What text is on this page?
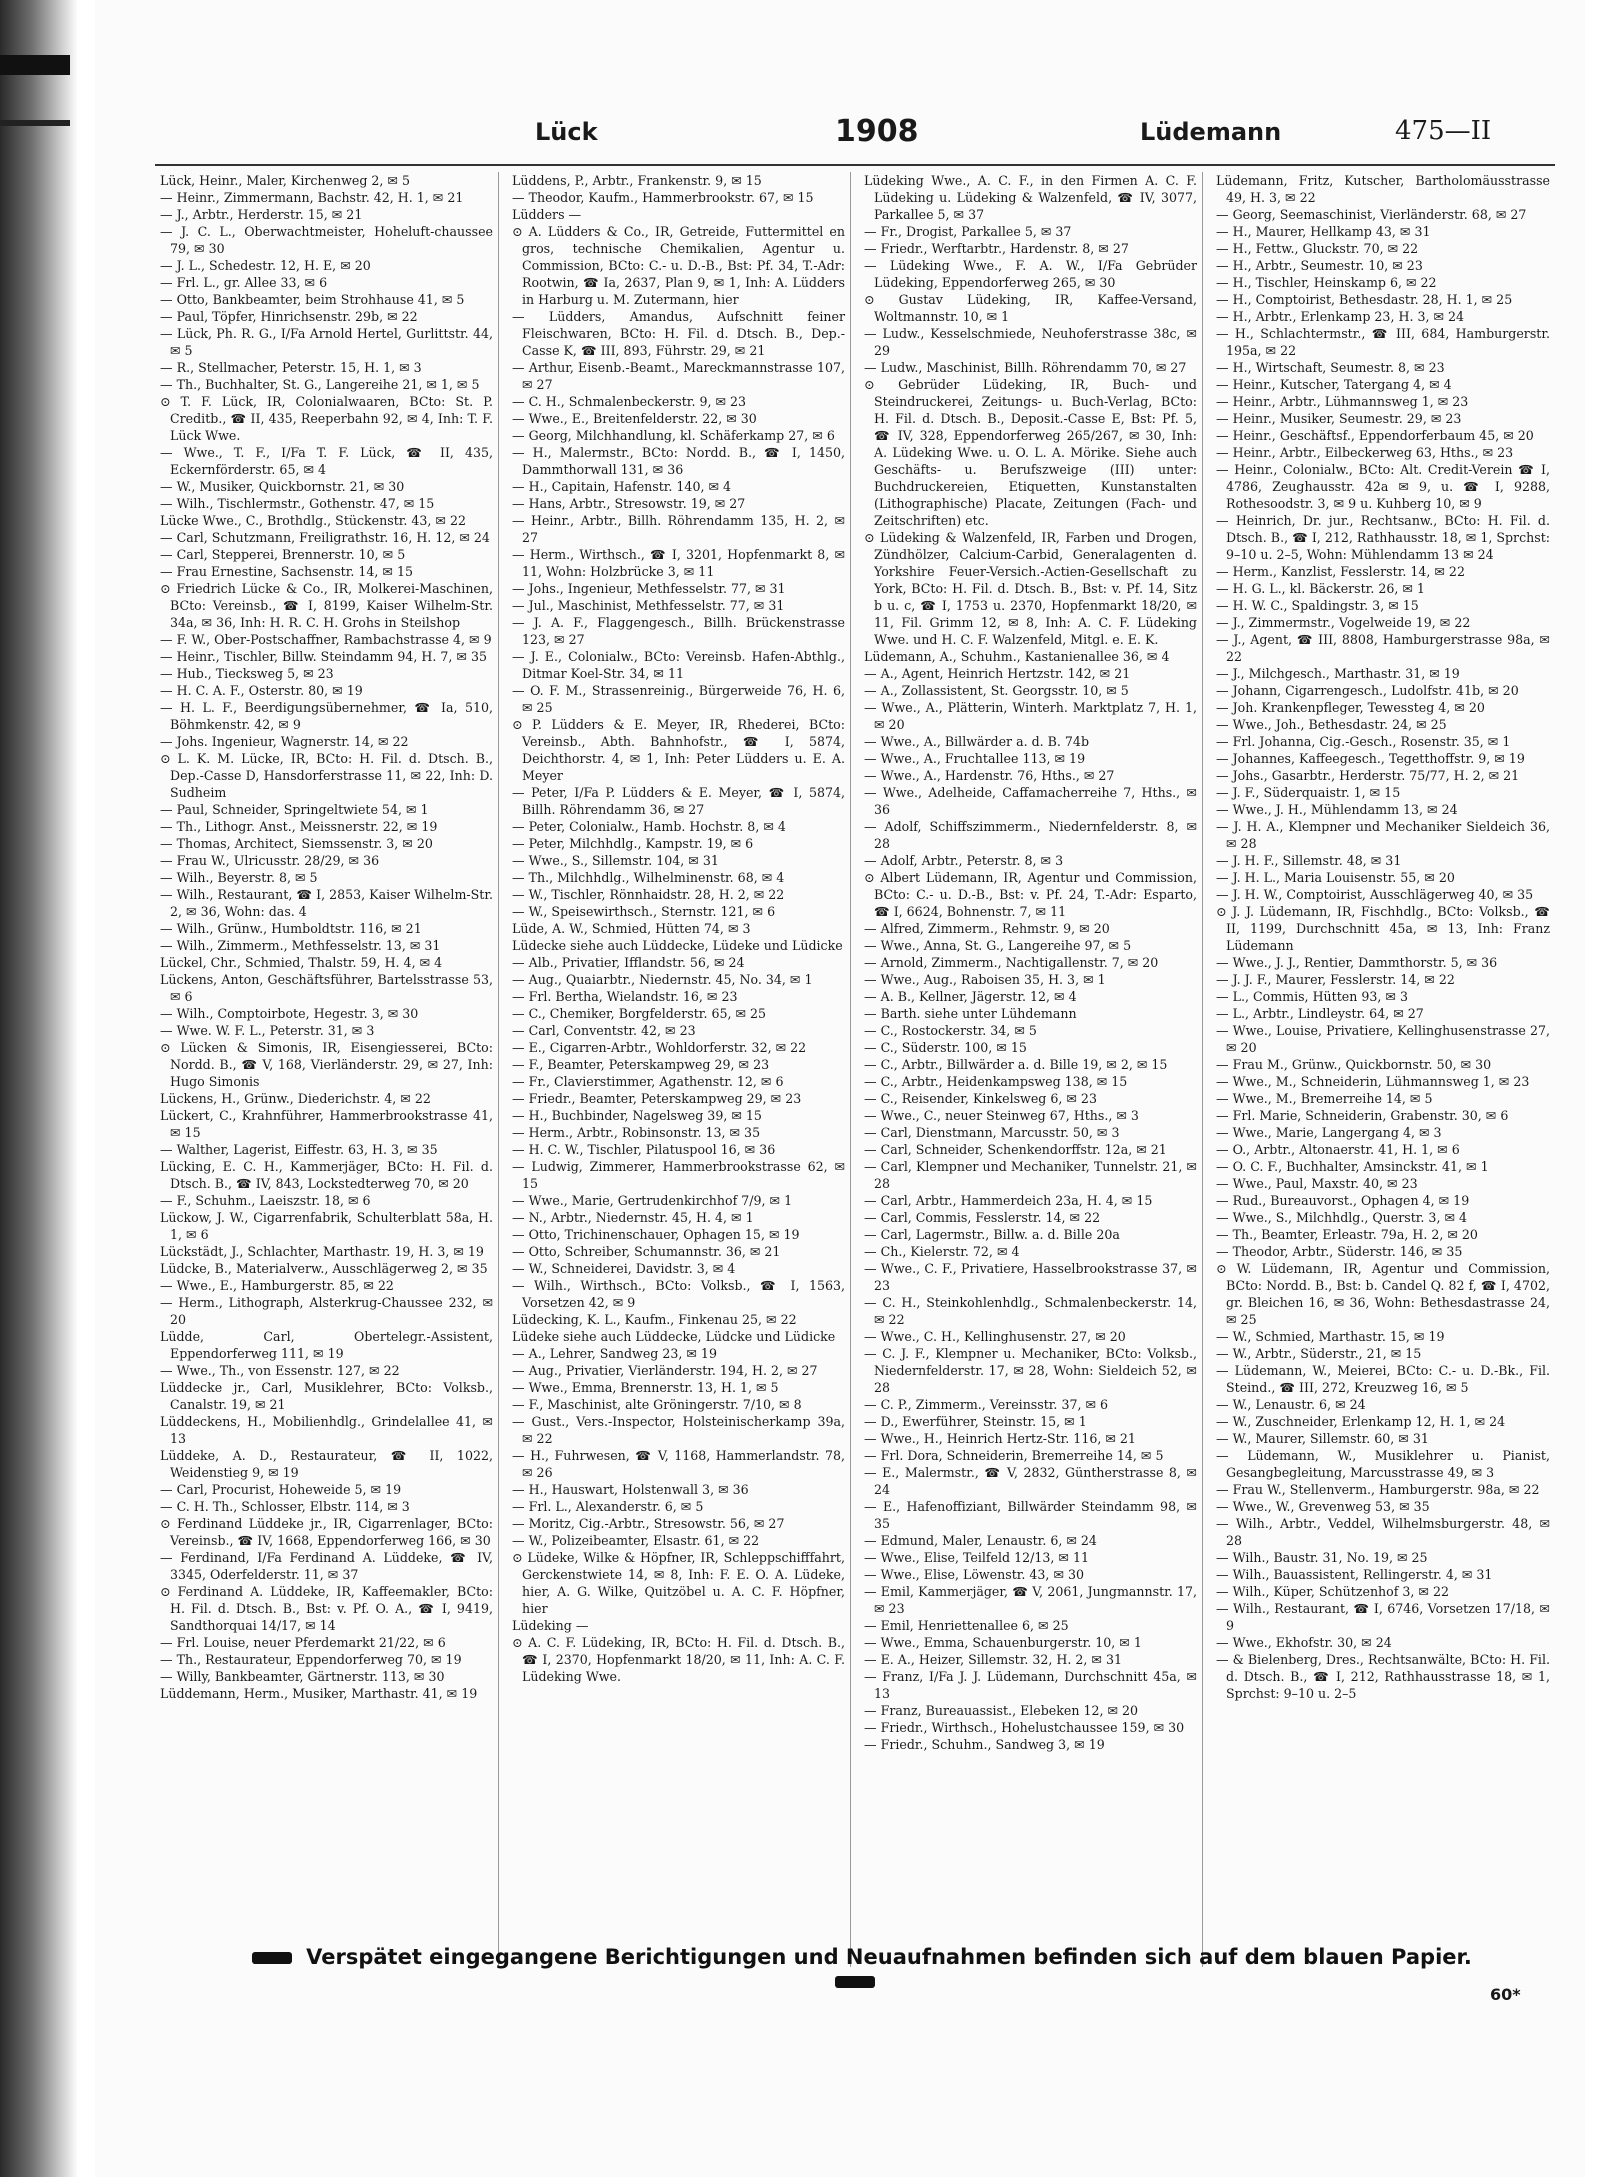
Lück	1908	Lüdemann	475—II

Lück, Heinr., Maler, Kirchenweg 2, ✉ 5

— Heinr., Zimmermann, Bachstr. 42, H. 1, ✉ 21

— J., Arbtr., Herderstr. 15, ✉ 21

— J. C. L., Oberwachtmeister, Hoheluft-chaussee 79, ✉ 30

— J. L., Schedestr. 12, H. E, ✉ 20

— Frl. L., gr. Allee 33, ✉ 6

— Otto, Bankbeamter, beim Strohhause 41, ✉ 5

— Paul, Töpfer, Hinrichsenstr. 29b, ✉ 22

— Lück, Ph. R. G., I/Fa Arnold Hertel, Gurlittstr. 44, ✉ 5

— R., Stellmacher, Peterstr. 15, H. 1, ✉ 3

— Th., Buchhalter, St. G., Langereihe 21, ✉ 1, ✉ 5

⊙ T. F. Lück, IR, Colonialwaaren, BCto: St. P. Creditb., ☎ II, 435, Reeperbahn 92, ✉ 4, Inh: T. F. Lück Wwe.

— Wwe., T. F., I/Fa T. F. Lück, ☎ II, 435, Eckernförderstr. 65, ✉ 4

— W., Musiker, Quickbornstr. 21, ✉ 30

— Wilh., Tischlermstr., Gothenstr. 47, ✉ 15

Lücke Wwe., C., Brothdlg., Stückenstr. 43, ✉ 22

— Carl, Schutzmann, Freiligrathstr. 16, H. 12, ✉ 24

— Carl, Stepperei, Brennerstr. 10, ✉ 5

— Frau Ernestine, Sachsenstr. 14, ✉ 15

⊙ Friedrich Lücke & Co., IR, Molkerei-Maschinen, BCto: Vereinsb., ☎ I, 8199, Kaiser Wilhelm-Str. 34a, ✉ 36, Inh: H. R. C. H. Grohs in Steilshop

— F. W., Ober-Postschaffner, Rambachstrasse 4, ✉ 9

— Heinr., Tischler, Billw. Steindamm 94, H. 7, ✉ 35

— Hub., Tiecksweg 5, ✉ 23

— H. C. A. F., Osterstr. 80, ✉ 19

— H. L. F., Beerdigungsübernehmer, ☎ Ia, 510, Böhmkenstr. 42, ✉ 9

— Johs. Ingenieur, Wagnerstr. 14, ✉ 22

⊙ L. K. M. Lücke, IR, BCto: H. Fil. d. Dtsch. B., Dep.-Casse D, Hansdorferstrasse 11, ✉ 22, Inh: D. Sudheim

— Paul, Schneider, Springeltwiete 54, ✉ 1

— Th., Lithogr. Anst., Meissnerstr. 22, ✉ 19

— Thomas, Architect, Siemssenstr. 3, ✉ 20

— Frau W., Ulricusstr. 28/29, ✉ 36

— Wilh., Beyerstr. 8, ✉ 5

— Wilh., Restaurant, ☎ I, 2853, Kaiser Wilhelm-Str. 2, ✉ 36, Wohn: das. 4

— Wilh., Grünw., Humboldtstr. 116, ✉ 21

— Wilh., Zimmerm., Methfesselstr. 13, ✉ 31

Lückel, Chr., Schmied, Thalstr. 59, H. 4, ✉ 4

Lückens, Anton, Geschäftsführer, Bartelsstrasse 53, ✉ 6

— Wilh., Comptoirbote, Hegestr. 3, ✉ 30

— Wwe. W. F. L., Peterstr. 31, ✉ 3

⊙ Lücken & Simonis, IR, Eisengiesserei, BCto: Nordd. B., ☎ V, 168, Vierländerstr. 29, ✉ 27, Inh: Hugo Simonis

Lückens, H., Grünw., Diederichstr. 4, ✉ 22

Lückert, C., Krahnführer, Hammerbrookstrasse 41, ✉ 15

— Walther, Lagerist, Eiffestr. 63, H. 3, ✉ 35

Lücking, E. C. H., Kammerjäger, BCto: H. Fil. d. Dtsch. B., ☎ IV, 843, Lockstedterweg 70, ✉ 20

— F., Schuhm., Laeiszstr. 18, ✉ 6

Lückow, J. W., Cigarrenfabrik, Schulterblatt 58a, H. 1, ✉ 6

Lückstädt, J., Schlachter, Marthastr. 19, H. 3, ✉ 19

Lüdcke, B., Materialverw., Ausschlägerweg 2, ✉ 35

— Wwe., E., Hamburgerstr. 85, ✉ 22

— Herm., Lithograph, Alsterkrug-Chaussee 232, ✉ 20

Lüdde, Carl, Obertelegr.-Assistent, Eppendorferweg 111, ✉ 19

— Wwe., Th., von Essenstr. 127, ✉ 22

Lüddecke jr., Carl, Musiklehrer, BCto: Volksb., Canalstr. 19, ✉ 21

Lüddeckens, H., Mobilienhdlg., Grindelallee 41, ✉ 13

Lüddeke, A. D., Restaurateur, ☎ II, 1022, Weidenstieg 9, ✉ 19

— Carl, Procurist, Hoheweide 5, ✉ 19

— C. H. Th., Schlosser, Elbstr. 114, ✉ 3

⊙ Ferdinand Lüddeke jr., IR, Cigarrenlager, BCto: Vereinsb., ☎ IV, 1668, Eppendorferweg 166, ✉ 30

— Ferdinand, I/Fa Ferdinand A. Lüddeke, ☎ IV, 3345, Oderfelderstr. 11, ✉ 37

⊙ Ferdinand A. Lüddeke, IR, Kaffeemakler, BCto: H. Fil. d. Dtsch. B., Bst: v. Pf. O. A., ☎ I, 9419, Sandthorquai 14/17, ✉ 14

— Frl. Louise, neuer Pferdemarkt 21/22, ✉ 6

— Th., Restaurateur, Eppendorferweg 70, ✉ 19

— Willy, Bankbeamter, Gärtnerstr. 113, ✉ 30

Lüddemann, Herm., Musiker, Marthastr. 41, ✉ 19

Lüddens, P., Arbtr., Frankenstr. 9, ✉ 15

— Theodor, Kaufm., Hammerbrookstr. 67, ✉ 15

Lüdders —

⊙ A. Lüdders & Co., IR, Getreide, Futtermittel en gros, technische Chemikalien, Agentur u. Commission, BCto: C.- u. D.-B., Bst: Pf. 34, T.-Adr: Rootwin, ☎ Ia, 2637, Plan 9, ✉ 1, Inh: A. Lüdders in Harburg u. M. Zutermann, hier

— Lüdders, Amandus, Aufschnitt feiner Fleischwaren, BCto: H. Fil. d. Dtsch. B., Dep.-Casse K, ☎ III, 893, Führstr. 29, ✉ 21

— Arthur, Eisenb.-Beamt., Mareckmannstrasse 107, ✉ 27

— C. H., Schmalenbeckerstr. 9, ✉ 23

— Wwe., E., Breitenfelderstr. 22, ✉ 30

— Georg, Milchhandlung, kl. Schäferkamp 27, ✉ 6

— H., Malermstr., BCto: Nordd. B., ☎ I, 1450, Dammthorwall 131, ✉ 36

— H., Capitain, Hafenstr. 140, ✉ 4

— Hans, Arbtr., Stresowstr. 19, ✉ 27

— Heinr., Arbtr., Billh. Röhrendamm 135, H. 2, ✉ 27

— Herm., Wirthsch., ☎ I, 3201, Hopfenmarkt 8, ✉ 11, Wohn: Holzbrücke 3, ✉ 11

— Johs., Ingenieur, Methfesselstr. 77, ✉ 31

— Jul., Maschinist, Methfesselstr. 77, ✉ 31

— J. A. F., Flaggengesch., Billh. Brückenstrasse 123, ✉ 27

— J. E., Colonialw., BCto: Vereinsb. Hafen-Abthlg., Ditmar Koel-Str. 34, ✉ 11

— O. F. M., Strassenreinig., Bürgerweide 76, H. 6, ✉ 25

⊙ P. Lüdders & E. Meyer, IR, Rhederei, BCto: Vereinsb., Abth. Bahnhofstr., ☎ I, 5874, Deichthorstr. 4, ✉ 1, Inh: Peter Lüdders u. E. A. Meyer

— Peter, I/Fa P. Lüdders & E. Meyer, ☎ I, 5874, Billh. Röhrendamm 36, ✉ 27

— Peter, Colonialw., Hamb. Hochstr. 8, ✉ 4

— Peter, Milchhdlg., Kampstr. 19, ✉ 6

— Wwe., S., Sillemstr. 104, ✉ 31

— Th., Milchhdlg., Wilhelminenstr. 68, ✉ 4

— W., Tischler, Rönnhaidstr. 28, H. 2, ✉ 22

— W., Speisewirthsch., Sternstr. 121, ✉ 6

Lüde, A. W., Schmied, Hütten 74, ✉ 3

Lüdecke siehe auch Lüddecke, Lüdeke und Lüdicke

— Alb., Privatier, Ifflandstr. 56, ✉ 24

— Aug., Quaiarbtr., Niedernstr. 45, No. 34, ✉ 1

— Frl. Bertha, Wielandstr. 16, ✉ 23

— C., Chemiker, Borgfelderstr. 65, ✉ 25

— Carl, Conventstr. 42, ✉ 23

— E., Cigarren-Arbtr., Wohldorferstr. 32, ✉ 22

— F., Beamter, Peterskampweg 29, ✉ 23

— Fr., Clavierstimmer, Agathenstr. 12, ✉ 6

— Friedr., Beamter, Peterskampweg 29, ✉ 23

— H., Buchbinder, Nagelsweg 39, ✉ 15

— Herm., Arbtr., Robinsonstr. 13, ✉ 35

— H. C. W., Tischler, Pilatuspool 16, ✉ 36

— Ludwig, Zimmerer, Hammerbrookstrasse 62, ✉ 15

— Wwe., Marie, Gertrudenkirchhof 7/9, ✉ 1

— N., Arbtr., Niedernstr. 45, H. 4, ✉ 1

— Otto, Trichinenschauer, Ophagen 15, ✉ 19

— Otto, Schreiber, Schumannstr. 36, ✉ 21

— W., Schneiderei, Davidstr. 3, ✉ 4

— Wilh., Wirthsch., BCto: Volksb., ☎ I, 1563, Vorsetzen 42, ✉ 9

Lüdecking, K. L., Kaufm., Finkenau 25, ✉ 22

Lüdeke siehe auch Lüddecke, Lüdcke und Lüdicke

— A., Lehrer, Sandweg 23, ✉ 19

— Aug., Privatier, Vierländerstr. 194, H. 2, ✉ 27

— Wwe., Emma, Brennerstr. 13, H. 1, ✉ 5

— F., Maschinist, alte Gröningerstr. 7/10, ✉ 8

— Gust., Vers.-Inspector, Holsteinischerkamp 39a, ✉ 22

— H., Fuhrwesen, ☎ V, 1168, Hammerlandstr. 78, ✉ 26

— H., Hauswart, Holstenwall 3, ✉ 36

— Frl. L., Alexanderstr. 6, ✉ 5

— Moritz, Cig.-Arbtr., Stresowstr. 56, ✉ 27

— W., Polizeibeamter, Elsastr. 61, ✉ 22

⊙ Lüdeke, Wilke & Höpfner, IR, Schleppschifffahrt, Gerckenstwiete 14, ✉ 8, Inh: F. E. O. A. Lüdeke, hier, A. G. Wilke, Quitzöbel u. A. C. F. Höpfner, hier

Lüdeking —

⊙ A. C. F. Lüdeking, IR, BCto: H. Fil. d. Dtsch. B., ☎ I, 2370, Hopfenmarkt 18/20, ✉ 11, Inh: A. C. F. Lüdeking Wwe.

Lüdeking Wwe., A. C. F., in den Firmen A. C. F. Lüdeking u. Lüdeking & Walzenfeld, ☎ IV, 3077, Parkallee 5, ✉ 37

— Fr., Drogist, Parkallee 5, ✉ 37

— Friedr., Werftarbtr., Hardenstr. 8, ✉ 27

— Lüdeking Wwe., F. A. W., I/Fa Gebrüder Lüdeking, Eppendorferweg 265, ✉ 30

⊙ Gustav Lüdeking, IR, Kaffee-Versand, Woltmannstr. 10, ✉ 1

— Ludw., Kesselschmiede, Neuhoferstrasse 38c, ✉ 29

— Ludw., Maschinist, Billh. Röhrendamm 70, ✉ 27

⊙ Gebrüder Lüdeking, IR, Buch- und Steindruckerei, Zeitungs- u. Buch-Verlag, BCto: H. Fil. d. Dtsch. B., Deposit.-Casse E, Bst: Pf. 5, ☎ IV, 328, Eppendorferweg 265/267, ✉ 30, Inh: A. Lüdeking Wwe. u. O. L. A. Mörike. Siehe auch Geschäfts- u. Berufszweige (III) unter: Buchdruckereien, Etiquetten, Kunstanstalten (Lithographische) Placate, Zeitungen (Fach- und Zeitschriften) etc.

⊙ Lüdeking & Walzenfeld, IR, Farben und Drogen, Zündhölzer, Calcium-Carbid, Generalagenten d. Yorkshire Feuer-Versich.-Actien-Gesellschaft zu York, BCto: H. Fil. d. Dtsch. B., Bst: v. Pf. 14, Sitz b u. c, ☎ I, 1753 u. 2370, Hopfenmarkt 18/20, ✉ 11, Fil. Grimm 12, ✉ 8, Inh: A. C. F. Lüdeking Wwe. und H. C. F. Walzenfeld, Mitgl. e. E. K.

Lüdemann, A., Schuhm., Kastanienallee 36, ✉ 4

— A., Agent, Heinrich Hertzstr. 142, ✉ 21

— A., Zollassistent, St. Georgsstr. 10, ✉ 5

— Wwe., A., Plätterin, Winterh. Marktplatz 7, H. 1, ✉ 20

— Wwe., A., Billwärder a. d. B. 74b

— Wwe., A., Fruchtallee 113, ✉ 19

— Wwe., A., Hardenstr. 76, Hths., ✉ 27

— Wwe., Adelheide, Caffamacherreihe 7, Hths., ✉ 36

— Adolf, Schiffszimmerm., Niedernfelderstr. 8, ✉ 28

— Adolf, Arbtr., Peterstr. 8, ✉ 3

⊙ Albert Lüdemann, IR, Agentur und Commission, BCto: C.- u. D.-B., Bst: v. Pf. 24, T.-Adr: Esparto, ☎ I, 6624, Bohnenstr. 7, ✉ 11

— Alfred, Zimmerm., Rehmstr. 9, ✉ 20

— Wwe., Anna, St. G., Langereihe 97, ✉ 5

— Arnold, Zimmerm., Nachtigallenstr. 7, ✉ 20

— Wwe., Aug., Raboisen 35, H. 3, ✉ 1

— A. B., Kellner, Jägerstr. 12, ✉ 4

— Barth. siehe unter Lühdemann

— C., Rostockerstr. 34, ✉ 5

— C., Süderstr. 100, ✉ 15

— C., Arbtr., Billwärder a. d. Bille 19, ✉ 2, ✉ 15

— C., Arbtr., Heidenkampsweg 138, ✉ 15

— C., Reisender, Kinkelsweg 6, ✉ 23

— Wwe., C., neuer Steinweg 67, Hths., ✉ 3

— Carl, Dienstmann, Marcusstr. 50, ✉ 3

— Carl, Schneider, Schenkendorffstr. 12a, ✉ 21

— Carl, Klempner und Mechaniker, Tunnelstr. 21, ✉ 28

— Carl, Arbtr., Hammerdeich 23a, H. 4, ✉ 15

— Carl, Commis, Fesslerstr. 14, ✉ 22

— Carl, Lagermstr., Billw. a. d. Bille 20a

— Ch., Kielerstr. 72, ✉ 4

— Wwe., C. F., Privatiere, Hasselbrookstrasse 37, ✉ 23

— C. H., Steinkohlenhdlg., Schmalenbeckerstr. 14, ✉ 22

— Wwe., C. H., Kellinghusenstr. 27, ✉ 20

— C. J. F., Klempner u. Mechaniker, BCto: Volksb., Niedernfelderstr. 17, ✉ 28, Wohn: Sieldeich 52, ✉ 28

— C. P., Zimmerm., Vereinsstr. 37, ✉ 6

— D., Ewerführer, Steinstr. 15, ✉ 1

— Wwe., H., Heinrich Hertz-Str. 116, ✉ 21

— Frl. Dora, Schneiderin, Bremerreihe 14, ✉ 5

— E., Malermstr., ☎ V, 2832, Güntherstrasse 8, ✉ 24

— E., Hafenoffiziant, Billwärder Steindamm 98, ✉ 35

— Edmund, Maler, Lenaustr. 6, ✉ 24

— Wwe., Elise, Teilfeld 12/13, ✉ 11

— Wwe., Elise, Löwenstr. 43, ✉ 30

— Emil, Kammerjäger, ☎ V, 2061, Jungmannstr. 17, ✉ 23

— Emil, Henriettenallee 6, ✉ 25

— Wwe., Emma, Schauenburgerstr. 10, ✉ 1

— E. A., Heizer, Sillemstr. 32, H. 2, ✉ 31

— Franz, I/Fa J. J. Lüdemann, Durchschnitt 45a, ✉ 13

— Franz, Bureauassist., Elebeken 12, ✉ 20

— Friedr., Wirthsch., Hohelustchaussee 159, ✉ 30

— Friedr., Schuhm., Sandweg 3, ✉ 19

Lüdemann, Fritz, Kutscher, Bartholomäusstrasse 49, H. 3, ✉ 22

— Georg, Seemaschinist, Vierländerstr. 68, ✉ 27

— H., Maurer, Hellkamp 43, ✉ 31

— H., Fettw., Gluckstr. 70, ✉ 22

— H., Arbtr., Seumestr. 10, ✉ 23

— H., Tischler, Heinskamp 6, ✉ 22

— H., Comptoirist, Bethesdastr. 28, H. 1, ✉ 25

— H., Arbtr., Erlenkamp 23, H. 3, ✉ 24

— H., Schlachtermstr., ☎ III, 684, Hamburgerstr. 195a, ✉ 22

— H., Wirtschaft, Seumestr. 8, ✉ 23

— Heinr., Kutscher, Tatergang 4, ✉ 4

— Heinr., Arbtr., Lühmannsweg 1, ✉ 23

— Heinr., Musiker, Seumestr. 29, ✉ 23

— Heinr., Geschäftsf., Eppendorferbaum 45, ✉ 20

— Heinr., Arbtr., Eilbeckerweg 63, Hths., ✉ 23

— Heinr., Colonialw., BCto: Alt. Credit-Verein ☎ I, 4786, Zeughausstr. 42a ✉ 9, u. ☎ I, 9288, Rothesoodstr. 3, ✉ 9 u. Kuhberg 10, ✉ 9

— Heinrich, Dr. jur., Rechtsanw., BCto: H. Fil. d. Dtsch. B., ☎ I, 212, Rathhausstr. 18, ✉ 1, Sprchst: 9–10 u. 2–5, Wohn: Mühlendamm 13 ✉ 24

— Herm., Kanzlist, Fesslerstr. 14, ✉ 22

— H. G. L., kl. Bäckerstr. 26, ✉ 1

— H. W. C., Spaldingstr. 3, ✉ 15

— J., Zimmermstr., Vogelweide 19, ✉ 22

— J., Agent, ☎ III, 8808, Hamburgerstrasse 98a, ✉ 22

— J., Milchgesch., Marthastr. 31, ✉ 19

— Johann, Cigarrengesch., Ludolfstr. 41b, ✉ 20

— Joh. Krankenpfleger, Tewessteg 4, ✉ 20

— Wwe., Joh., Bethesdastr. 24, ✉ 25

— Frl. Johanna, Cig.-Gesch., Rosenstr. 35, ✉ 1

— Johannes, Kaffeegesch., Tegetthoffstr. 9, ✉ 19

— Johs., Gasarbtr., Herderstr. 75/77, H. 2, ✉ 21

— J. F., Süderquaistr. 1, ✉ 15

— Wwe., J. H., Mühlendamm 13, ✉ 24

— J. H. A., Klempner und Mechaniker Sieldeich 36, ✉ 28

— J. H. F., Sillemstr. 48, ✉ 31

— J. H. L., Maria Louisenstr. 55, ✉ 20

— J. H. W., Comptoirist, Ausschlägerweg 40, ✉ 35

⊙ J. J. Lüdemann, IR, Fischhdlg., BCto: Volksb., ☎ II, 1199, Durchschnitt 45a, ✉ 13, Inh: Franz Lüdemann

— Wwe., J. J., Rentier, Dammthorstr. 5, ✉ 36

— J. J. F., Maurer, Fesslerstr. 14, ✉ 22

— L., Commis, Hütten 93, ✉ 3

— L., Arbtr., Lindleystr. 64, ✉ 27

— Wwe., Louise, Privatiere, Kellinghusenstrasse 27, ✉ 20

— Frau M., Grünw., Quickbornstr. 50, ✉ 30

— Wwe., M., Schneiderin, Lühmannsweg 1, ✉ 23

— Wwe., M., Bremerreihe 14, ✉ 5

— Frl. Marie, Schneiderin, Grabenstr. 30, ✉ 6

— Wwe., Marie, Langergang 4, ✉ 3

— O., Arbtr., Altonaerstr. 41, H. 1, ✉ 6

— O. C. F., Buchhalter, Amsinckstr. 41, ✉ 1

— Wwe., Paul, Maxstr. 40, ✉ 23

— Rud., Bureauvorst., Ophagen 4, ✉ 19

— Wwe., S., Milchhdlg., Querstr. 3, ✉ 4

— Th., Beamter, Erleastr. 79a, H. 2, ✉ 20

— Theodor, Arbtr., Süderstr. 146, ✉ 35

⊙ W. Lüdemann, IR, Agentur und Commission, BCto: Nordd. B., Bst: b. Candel Q. 82 f, ☎ I, 4702, gr. Bleichen 16, ✉ 36, Wohn: Bethesdastrasse 24, ✉ 25

— W., Schmied, Marthastr. 15, ✉ 19

— W., Arbtr., Süderstr., 21, ✉ 15

— Lüdemann, W., Meierei, BCto: C.- u. D.-Bk., Fil. Steind., ☎ III, 272, Kreuzweg 16, ✉ 5

— W., Lenaustr. 6, ✉ 24

— W., Zuschneider, Erlenkamp 12, H. 1, ✉ 24

— W., Maurer, Sillemstr. 60, ✉ 31

— Lüdemann, W., Musiklehrer u. Pianist, Gesangbegleitung, Marcusstrasse 49, ✉ 3

— Frau W., Stellenverm., Hamburgerstr. 98a, ✉ 22

— Wwe., W., Grevenweg 53, ✉ 35

— Wilh., Arbtr., Veddel, Wilhelmsburgerstr. 48, ✉ 28

— Wilh., Baustr. 31, No. 19, ✉ 25

— Wilh., Bauassistent, Rellingerstr. 4, ✉ 31

— Wilh., Küper, Schützenhof 3, ✉ 22

— Wilh., Restaurant, ☎ I, 6746, Vorsetzen 17/18, ✉ 9

— Wwe., Ekhofstr. 30, ✉ 24

— & Bielenberg, Dres., Rechtsanwälte, BCto: H. Fil. d. Dtsch. B., ☎ I, 212, Rathhausstrasse 18, ✉ 1, Sprchst: 9–10 u. 2–5

Verspätet eingegangene Berichtigungen und Neuaufnahmen befinden sich auf dem blauen Papier.
60*
